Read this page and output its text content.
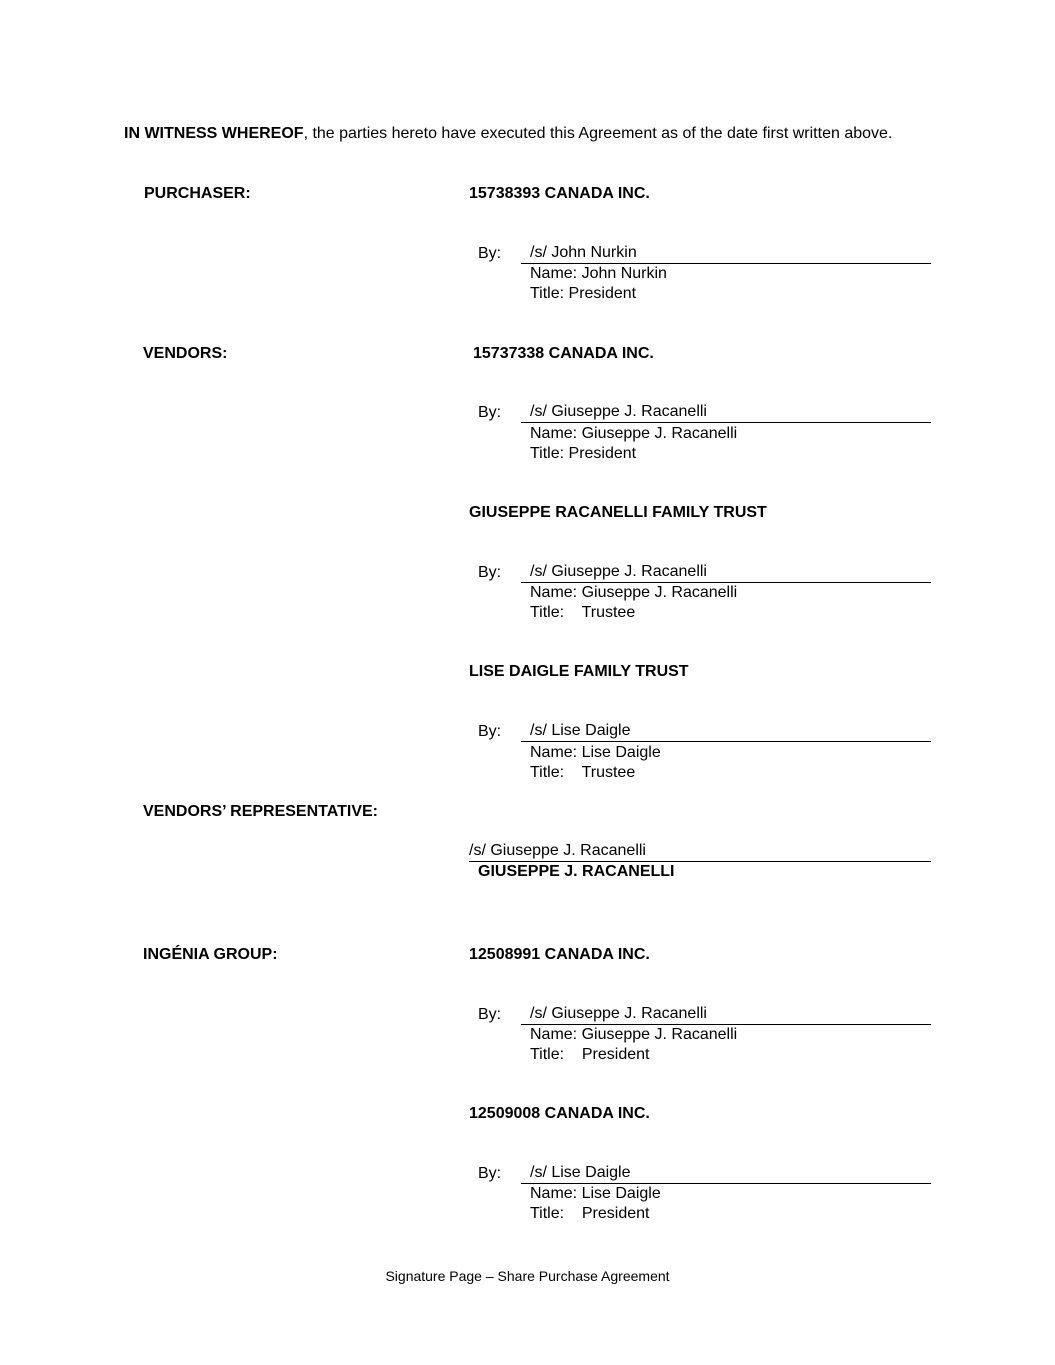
IN WITNESS WHEREOF, the parties hereto have executed this Agreement as of the date first written above.
PURCHASER:	15738393 CANADA INC.
By: /s/ John Nurkin
Name: John Nurkin
Title: President
VENDORS:	15737338 CANADA INC.
By: /s/ Giuseppe J. Racanelli
Name: Giuseppe J. Racanelli
Title: President
GIUSEPPE RACANELLI FAMILY TRUST
By: /s/ Giuseppe J. Racanelli
Name: Giuseppe J. Racanelli
Title:    Trustee
LISE DAIGLE FAMILY TRUST
By: /s/ Lise Daigle
Name: Lise Daigle
Title:    Trustee
VENDORS’ REPRESENTATIVE:
/s/ Giuseppe J. Racanelli
GIUSEPPE J. RACANELLI
INGÉNIA GROUP:	12508991 CANADA INC.
By: /s/ Giuseppe J. Racanelli
Name: Giuseppe J. Racanelli
Title:    President
12509008 CANADA INC.
By: /s/ Lise Daigle
Name: Lise Daigle
Title:    President
Signature Page – Share Purchase Agreement
